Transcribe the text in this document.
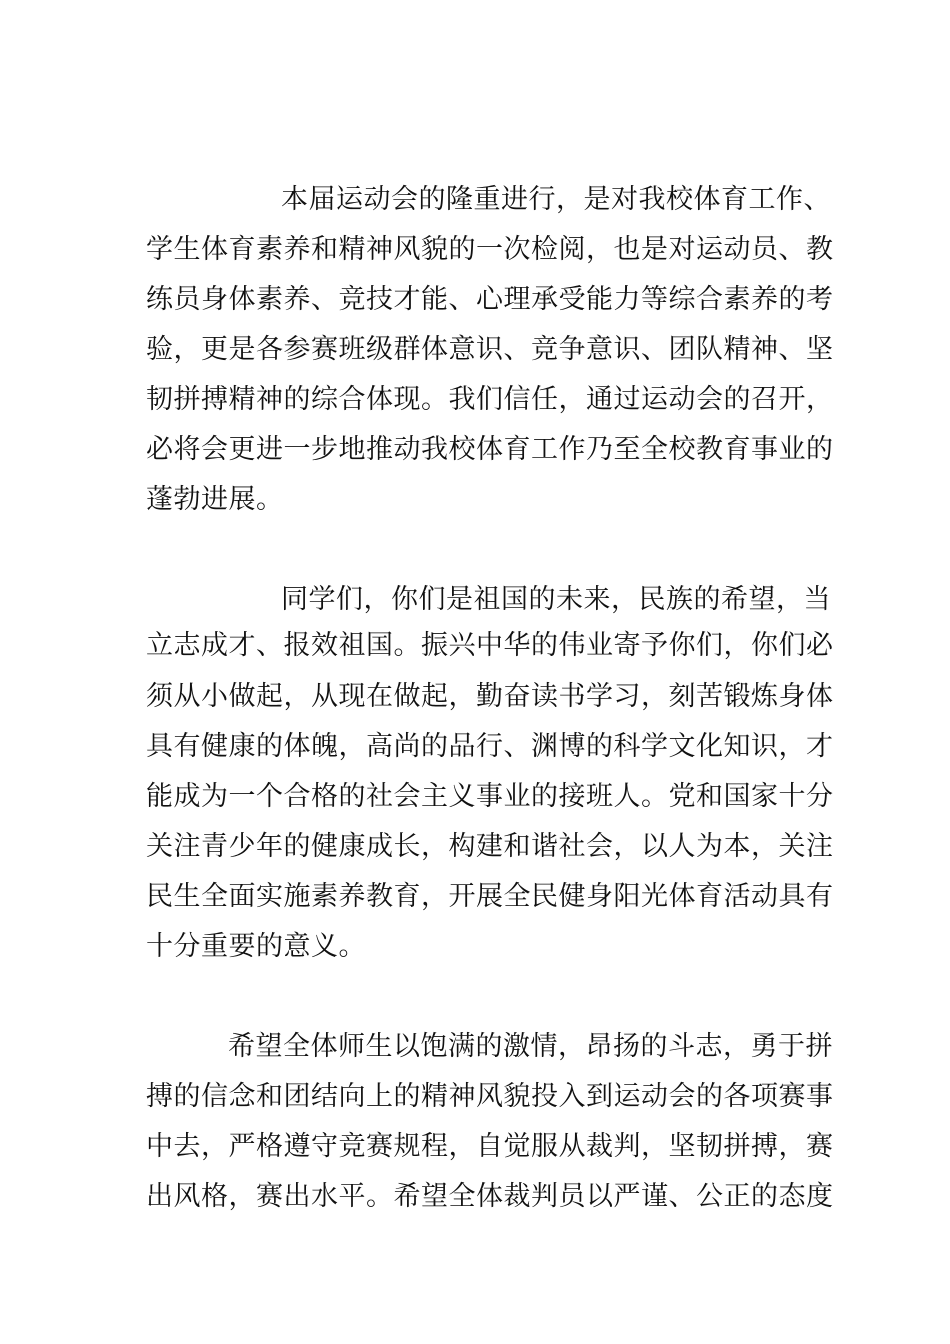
本届运动会的隆重进行，是对我校体育工作、
学生体育素养和精神风貌的一次检阅，也是对运动员、教
练员身体素养、竞技才能、心理承受能力等综合素养的考
验，更是各参赛班级群体意识、竞争意识、团队精神、坚
韧拼搏精神的综合体现。我们信任，通过运动会的召开，
必将会更进一步地推动我校体育工作乃至全校教育事业的
蓬勃进展。
同学们，你们是祖国的未来，民族的希望，当
立志成才、报效祖国。振兴中华的伟业寄予你们，你们必
须从小做起，从现在做起，勤奋读书学习，刻苦锻炼身体
具有健康的体魄，高尚的品行、渊博的科学文化知识，才
能成为一个合格的社会主义事业的接班人。党和国家十分
关注青少年的健康成长，构建和谐社会，以人为本，关注
民生全面实施素养教育，开展全民健身阳光体育活动具有
十分重要的意义。
希望全体师生以饱满的激情，昂扬的斗志，勇于拼
搏的信念和团结向上的精神风貌投入到运动会的各项赛事
中去，严格遵守竞赛规程，自觉服从裁判，坚韧拼搏，赛
出风格，赛出水平。希望全体裁判员以严谨、公正的态度
